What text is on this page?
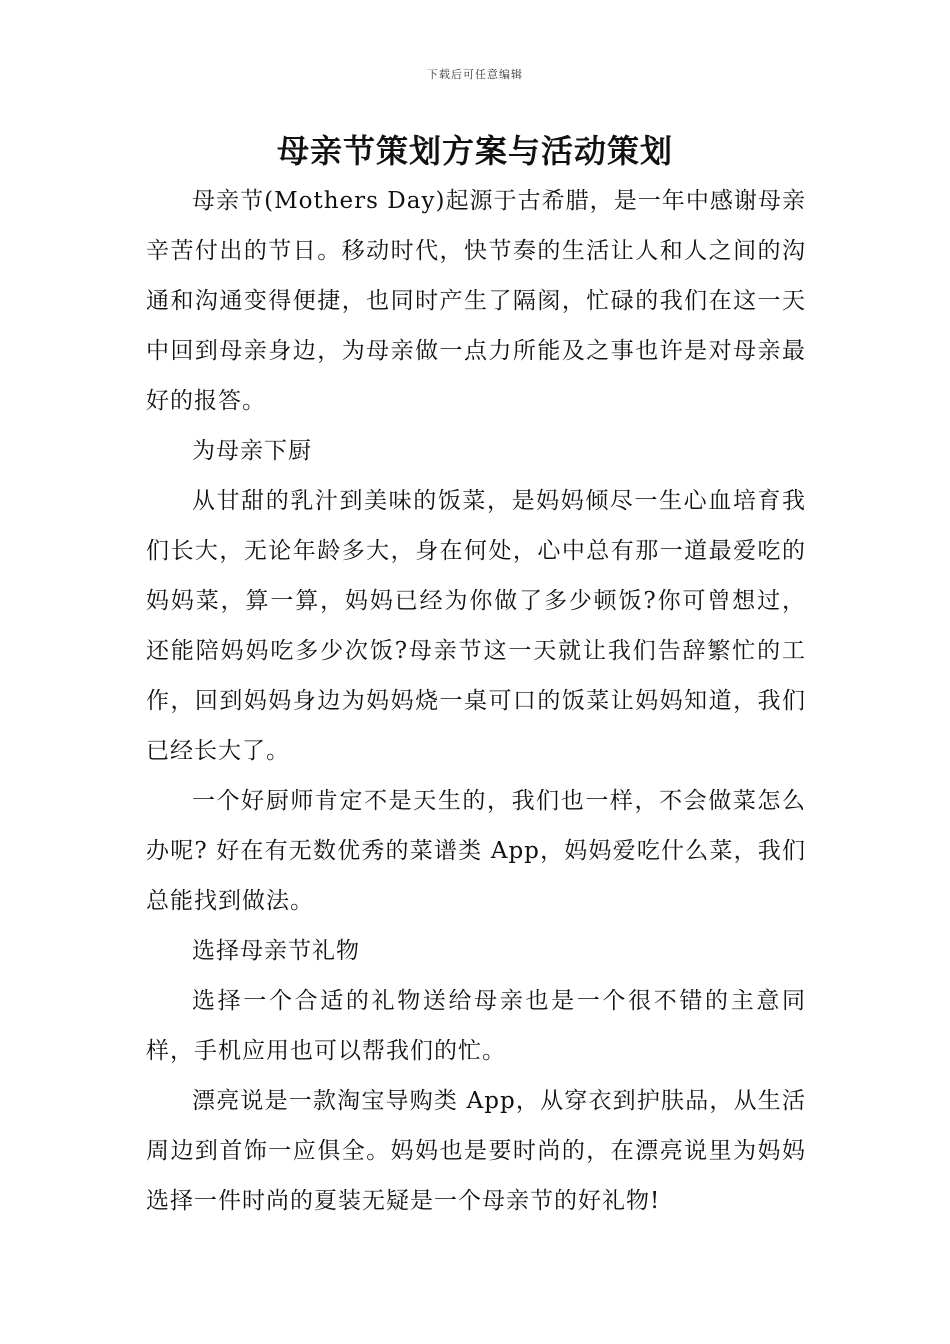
下载后可任意编辑
母亲节策划方案与活动策划

母亲节(Mothers Day)起源于古希腊，是一年中感谢母亲辛苦付出的节日。移动时代，快节奏的生活让人和人之间的沟通和沟通变得便捷，也同时产生了隔阂，忙碌的我们在这一天中回到母亲身边，为母亲做一点力所能及之事也许是对母亲最好的报答。

为母亲下厨

从甘甜的乳汁到美味的饭菜，是妈妈倾尽一生心血培育我们长大，无论年龄多大，身在何处，心中总有那一道最爱吃的妈妈菜，算一算，妈妈已经为你做了多少顿饭?你可曾想过，还能陪妈妈吃多少次饭?母亲节这一天就让我们告辞繁忙的工作，回到妈妈身边为妈妈烧一桌可口的饭菜让妈妈知道，我们已经长大了。

一个好厨师肯定不是天生的，我们也一样，不会做菜怎么办呢? 好在有无数优秀的菜谱类 App，妈妈爱吃什么菜，我们总能找到做法。

选择母亲节礼物

选择一个合适的礼物送给母亲也是一个很不错的主意同样，手机应用也可以帮我们的忙。

漂亮说是一款淘宝导购类 App，从穿衣到护肤品，从生活周边到首饰一应俱全。妈妈也是要时尚的，在漂亮说里为妈妈选择一件时尚的夏装无疑是一个母亲节的好礼物!
